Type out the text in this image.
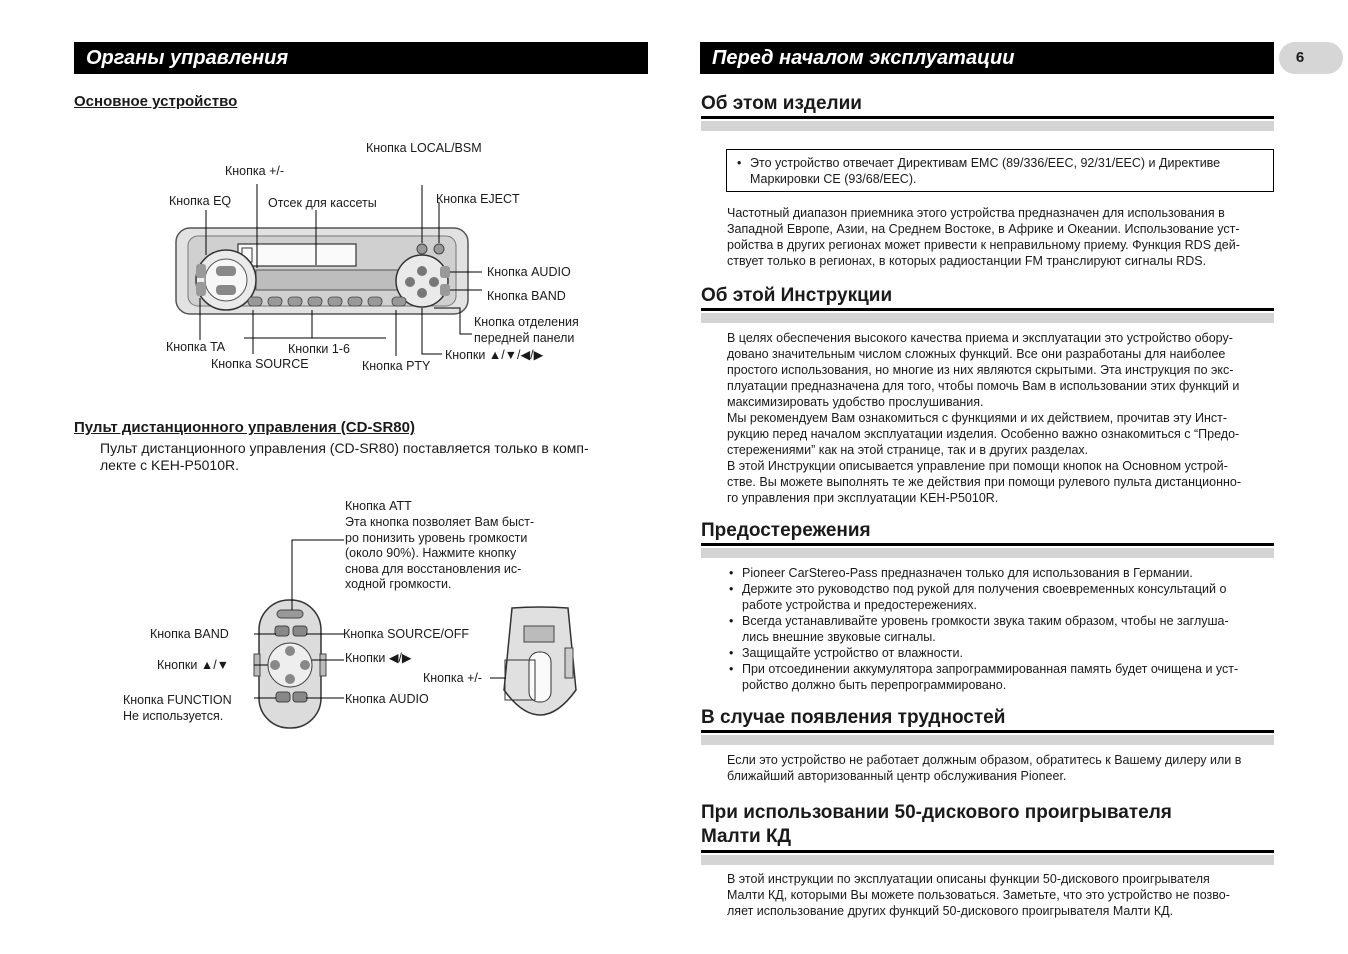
Органы управления
Основное устройство
Кнопка LOCAL/BSM
Кнопка +/-
Кнопка EQ	Отсек для кассеты	Кнопка EJECT
Кнопка AUDIO
Кнопка BAND
Кнопка отделения
передней панели
Кнопка TA	Кнопки 1-6
Кнопка SOURCE	Кнопка PTY
Кнопки ▲/▼/◀/▶
Пульт дистанционного управления (CD-SR80)
Пульт дистанционного управления (CD-SR80) поставляется только в комп-
лекте с KEH-P5010R.
Кнопка ATT
Эта кнопка позволяет Вам быст-
ро понизить уровень громкости
(около 90%). Нажмите кнопку
снова для восстановления ис-
ходной громкости.
Кнопка BAND	Кнопка SOURCE/OFF
Кнопки ▲/▼	Кнопки ◀/▶
Кнопка +/-
Кнопка FUNCTION
Не используется.
Кнопка AUDIO
Перед началом эксплуатации	6
Об этом изделии
• Это устройство отвечает Директивам EMC (89/336/EEC, 92/31/EEC) и Директиве
Маркировки CE (93/68/EEC).

Частотный диапазон приемника этого устройства предназначен для использования в

Западной Европе, Азии, на Среднем Востоке, в Африке и Океании. Использование уст-

ройства в других регионах может привести к неправильному приему. Функция RDS дей-

ствует только в регионах, в которых радиостанции FM транслируют сигналы RDS.

Об этой Инструкции

В целях обеспечения высокого качества приема и эксплуатации это устройство обору-

довано значительным числом сложных функций. Все они разработаны для наиболее

простого использования, но многие из них являются скрытыми. Эта инструкция по экс-

плуатации предназначена для того, чтобы помочь Вам в использовании этих функций и

максимизировать удобство прослушивания.

Мы рекомендуем Вам ознакомиться с функциями и их действием, прочитав эту Инст-

рукцию перед началом эксплуатации изделия. Особенно важно ознакомиться с “Предо-

стережениями” как на этой странице, так и в других разделах.

В этой Инструкции описывается управление при помощи кнопок на Основном устрой-

стве. Вы можете выполнять те же действия при помощи рулевого пульта дистанционно-

го управления при эксплуатации KEH-P5010R.

Предостережения
• Pioneer CarStereo-Pass предназначен только для использования в Германии.
• Держите это руководство под рукой для получения своевременных консультаций о
работе устройства и предостережениях.
• Всегда устанавливайте уровень громкости звука таким образом, чтобы не заглуша-
лись внешние звуковые сигналы.
• Защищайте устройство от влажности.
• При отсоединении аккумулятора запрограммированная память будет очищена и уст-
ройство должно быть перепрограммировано.
В случае появления трудностей

Если это устройство не работает должным образом, обратитесь к Вашему дилеру или в

ближайший авторизованный центр обслуживания Pioneer.

При использовании 50-дискового проигрывателя
Малти КД

В этой инструкции по эксплуатации описаны функции 50-дискового проигрывателя

Малти КД, которыми Вы можете пользоваться. Заметьте, что это устройство не позво-

ляет использование других функций 50-дискового проигрывателя Малти КД.
